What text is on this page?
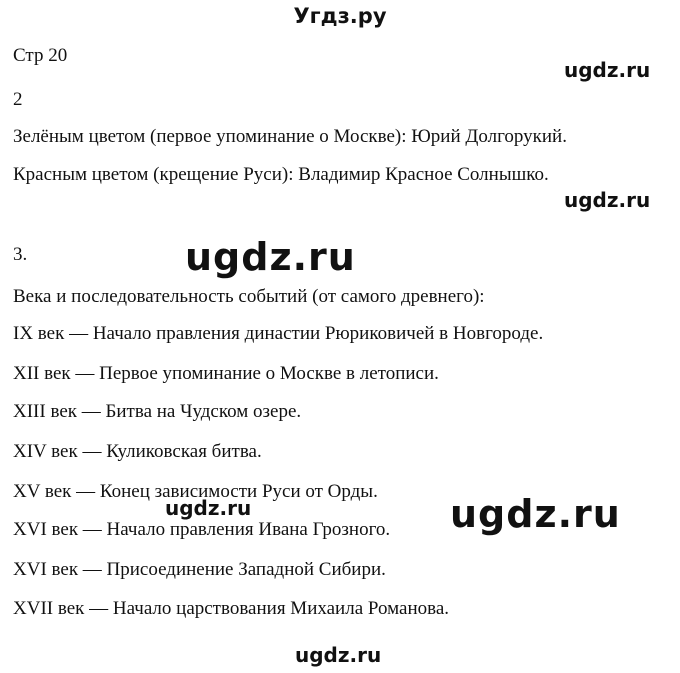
Угдз.ру
Стр 20
2
Зелёным цветом (первое упоминание о Москве): Юрий Долгорукий.
Красным цветом (крещение Руси): Владимир Красное Солнышко.
3.
Века и последовательность событий (от самого древнего):
IX век — Начало правления династии Рюриковичей в Новгороде.
XII век — Первое упоминание о Москве в летописи.
XIII век — Битва на Чудском озере.
XIV век — Куликовская битва.
XV век — Конец зависимости Руси от Орды.
XVI век — Начало правления Ивана Грозного.
XVI век — Присоединение Западной Сибири.
XVII век — Начало царствования Михаила Романова.
ugdz.ru
ugdz.ru
ugdz.ru
ugdz.ru	ugdz.ru
ugdz.ru
